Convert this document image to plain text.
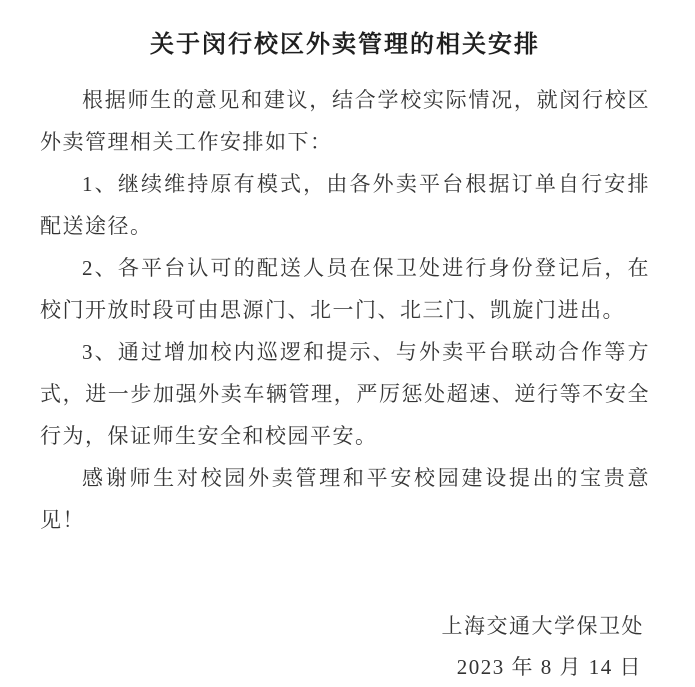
关于闵行校区外卖管理的相关安排

根据师生的意见和建议，结合学校实际情况，就闵行校区外卖管理相关工作安排如下：

1、继续维持原有模式，由各外卖平台根据订单自行安排配送途径。

2、各平台认可的配送人员在保卫处进行身份登记后，在校门开放时段可由思源门、北一门、北三门、凯旋门进出。

3、通过增加校内巡逻和提示、与外卖平台联动合作等方式，进一步加强外卖车辆管理，严厉惩处超速、逆行等不安全行为，保证师生安全和校园平安。

感谢师生对校园外卖管理和平安校园建设提出的宝贵意见！

上海交通大学保卫处

2023 年 8 月 14 日
